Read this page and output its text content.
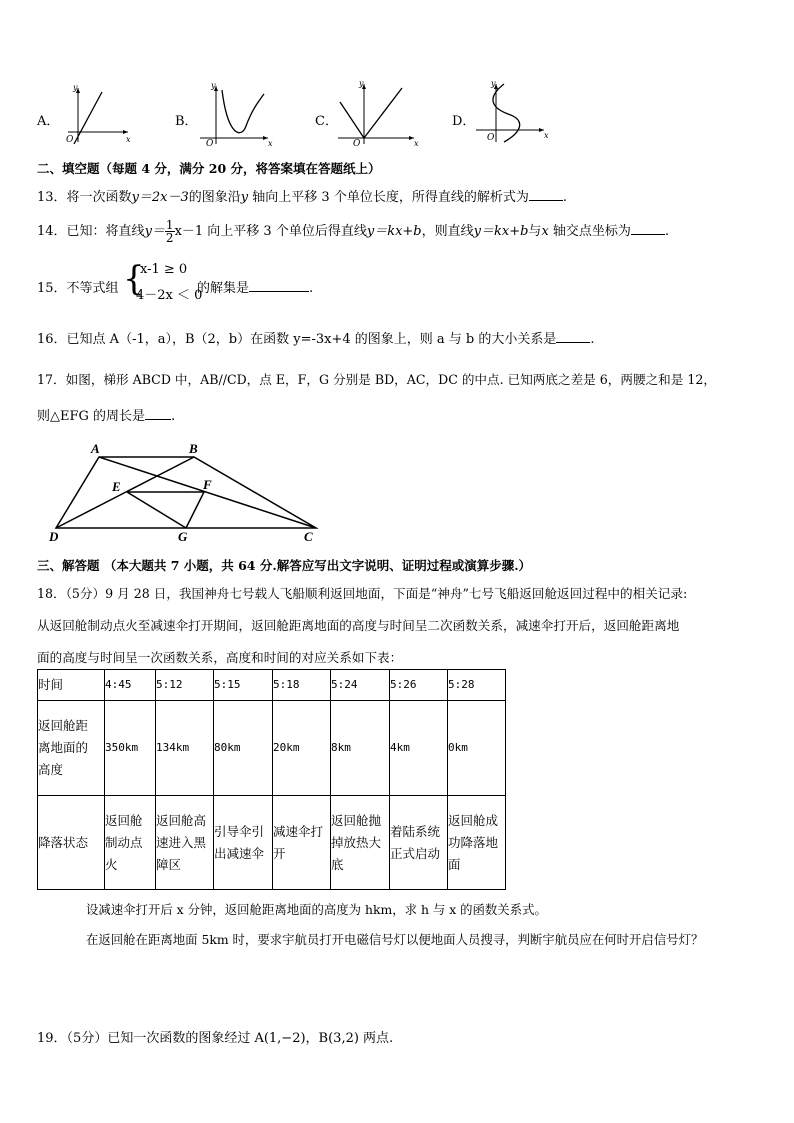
A．
y
x
O
B．
y
x
O
C．
y
x
O
D．
y
x
O
二、填空题（每题 4 分，满分 20 分，将答案填在答题纸上）
13．将一次函数y＝2x－3的图象沿y 轴向上平移 3 个单位长度，所得直线的解析式为	.
14．已知：将直线$y= \frac{1}{2} x-1$ 向上平移 3 个单位后得直线y＝kx+b，则直线y＝kx+b与x 轴交点坐标为	.
15．不等式组 {
x-1 ≥ 0
4－2x ＜ 0
的解集是	.
16．已知点 A（-1，a），B（2，b）在函数 y=-3x+4 的图象上，则 a 与 b 的大小关系是	.
17．如图，梯形 ABCD 中，AB//CD，点 E，F，G 分别是 BD，AC，DC 的中点. 已知两底之差是 6，两腰之和是 12，
则△EFG 的周长是 .
A	B
C
D
E	F
G
三、解答题 （本大题共 7 小题，共 64 分.解答应写出文字说明、证明过程或演算步骤.）
18．（5分）9 月 28 日，我国神舟七号载人飞船顺利返回地面，下面是“神舟”七号飞船返回舱返回过程中的相关记录:
从返回舱制动点火至减速伞打开期间，返回舱距离地面的高度与时间呈二次函数关系，减速伞打开后，返回舱距离地
面的高度与时间呈一次函数关系，高度和时间的对应关系如下表：
时间	4:45	5:12	5:15	5:18	5:24	5:26	5:28
返回舱距
离地面的
高度	350km	134km	80km	20km	8km	4km	0km
降落状态	返回舱
制动点
火	返回舱高
速进入黑
障区	引导伞引
出减速伞	减速伞打
开	返回舱抛
掉放热大
底	着陆系统
正式启动	返回舱成
功降落地
面
设减速伞打开后 x 分钟，返回舱距离地面的高度为 hkm，求 h 与 x 的函数关系式。
在返回舱在距离地面 5km 时，要求宇航员打开电磁信号灯以便地面人员搜寻，判断宇航员应在何时开启信号灯？
19．（5分）已知一次函数的图象经过 A(1,−2)，B(3,2) 两点.
